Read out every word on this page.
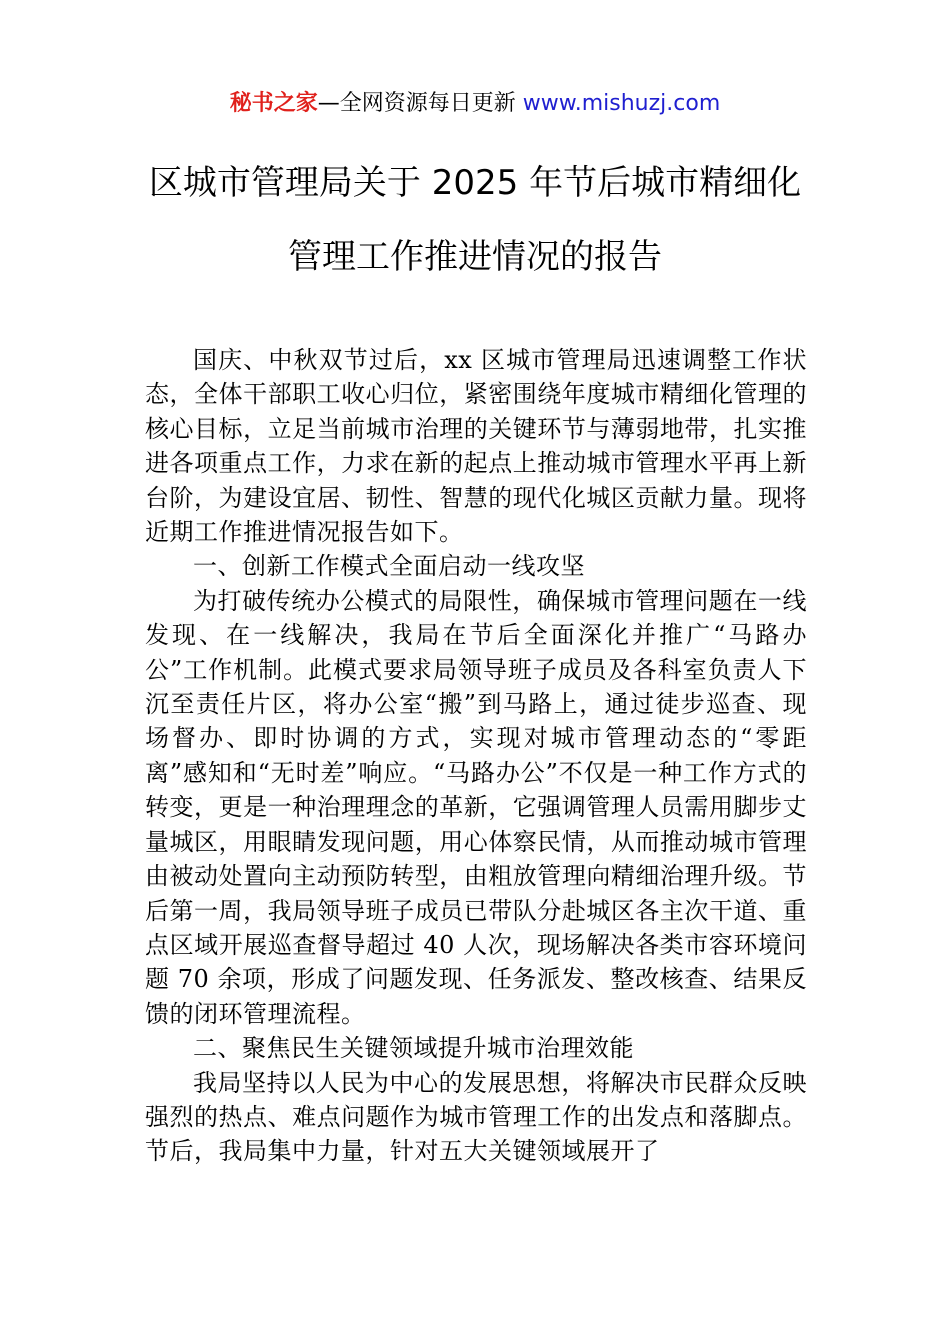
秘书之家—全网资源每日更新 www.mishuzj.com
区城市管理局关于 2025 年节后城市精细化
管理工作推进情况的报告

国庆、中秋双节过后，xx 区城市管理局迅速调整工作状态，全体干部职工收心归位，紧密围绕年度城市精细化管理的核心目标，立足当前城市治理的关键环节与薄弱地带，扎实推进各项重点工作，力求在新的起点上推动城市管理水平再上新台阶，为建设宜居、韧性、智慧的现代化城区贡献力量。现将近期工作推进情况报告如下。

一、创新工作模式全面启动一线攻坚

为打破传统办公模式的局限性，确保城市管理问题在一线发现、在一线解决，我局在节后全面深化并推广“马路办公”工作机制。此模式要求局领导班子成员及各科室负责人下沉至责任片区，将办公室“搬”到马路上，通过徒步巡查、现场督办、即时协调的方式，实现对城市管理动态的“零距离”感知和“无时差”响应。“马路办公”不仅是一种工作方式的转变，更是一种治理理念的革新，它强调管理人员需用脚步丈量城区，用眼睛发现问题，用心体察民情，从而推动城市管理由被动处置向主动预防转型，由粗放管理向精细治理升级。节后第一周，我局领导班子成员已带队分赴城区各主次干道、重点区域开展巡查督导超过 40 人次，现场解决各类市容环境问题 70 余项，形成了问题发现、任务派发、整改核查、结果反馈的闭环管理流程。

二、聚焦民生关键领域提升城市治理效能

我局坚持以人民为中心的发展思想，将解决市民群众反映强烈的热点、难点问题作为城市管理工作的出发点和落脚点。节后，我局集中力量，针对五大关键领域展开了
